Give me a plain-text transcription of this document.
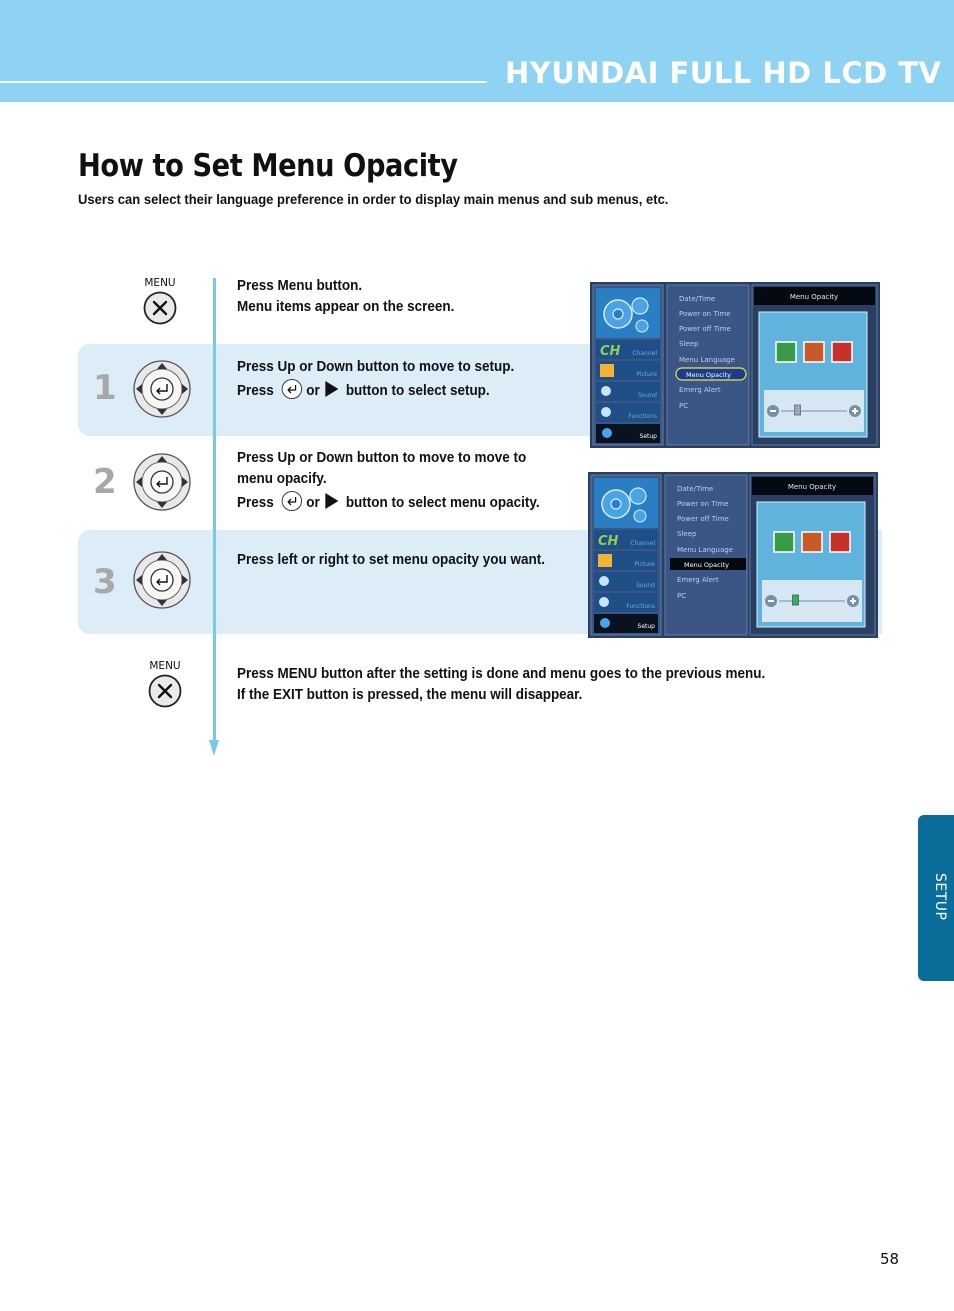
HYUNDAI FULL HD LCD TV
How to Set Menu Opacity
Users can select their language preference in order to display main menus and sub menus, etc.
MENU	Press Menu button.
Menu items appear on the screen.
1
Press Up or Down button to move to setup.
Press or button to select setup.
2
Press Up or Down button to move to move to
menu opacify.
Press or button to select menu opacity.
3
Press left or right to set menu opacity you want.
CH Channel
Picture
Sound
Functions
Setup
Date/Time
Power on Time
Power off Time
Sleep
Menu Language
Menu Opacity
Emerg Alert
PC
Menu Opacity
CH Channel
Picture
Sound
Functions
Setup
Date/Time
Power on Time
Power off Time
Sleep
Menu Language
Menu Opacity
Emerg Alert
PC
Menu Opacity
MENU	Press MENU button after the setting is done and menu goes to the previous menu.
If the EXIT button is pressed, the menu will disappear.
SETUP
58
